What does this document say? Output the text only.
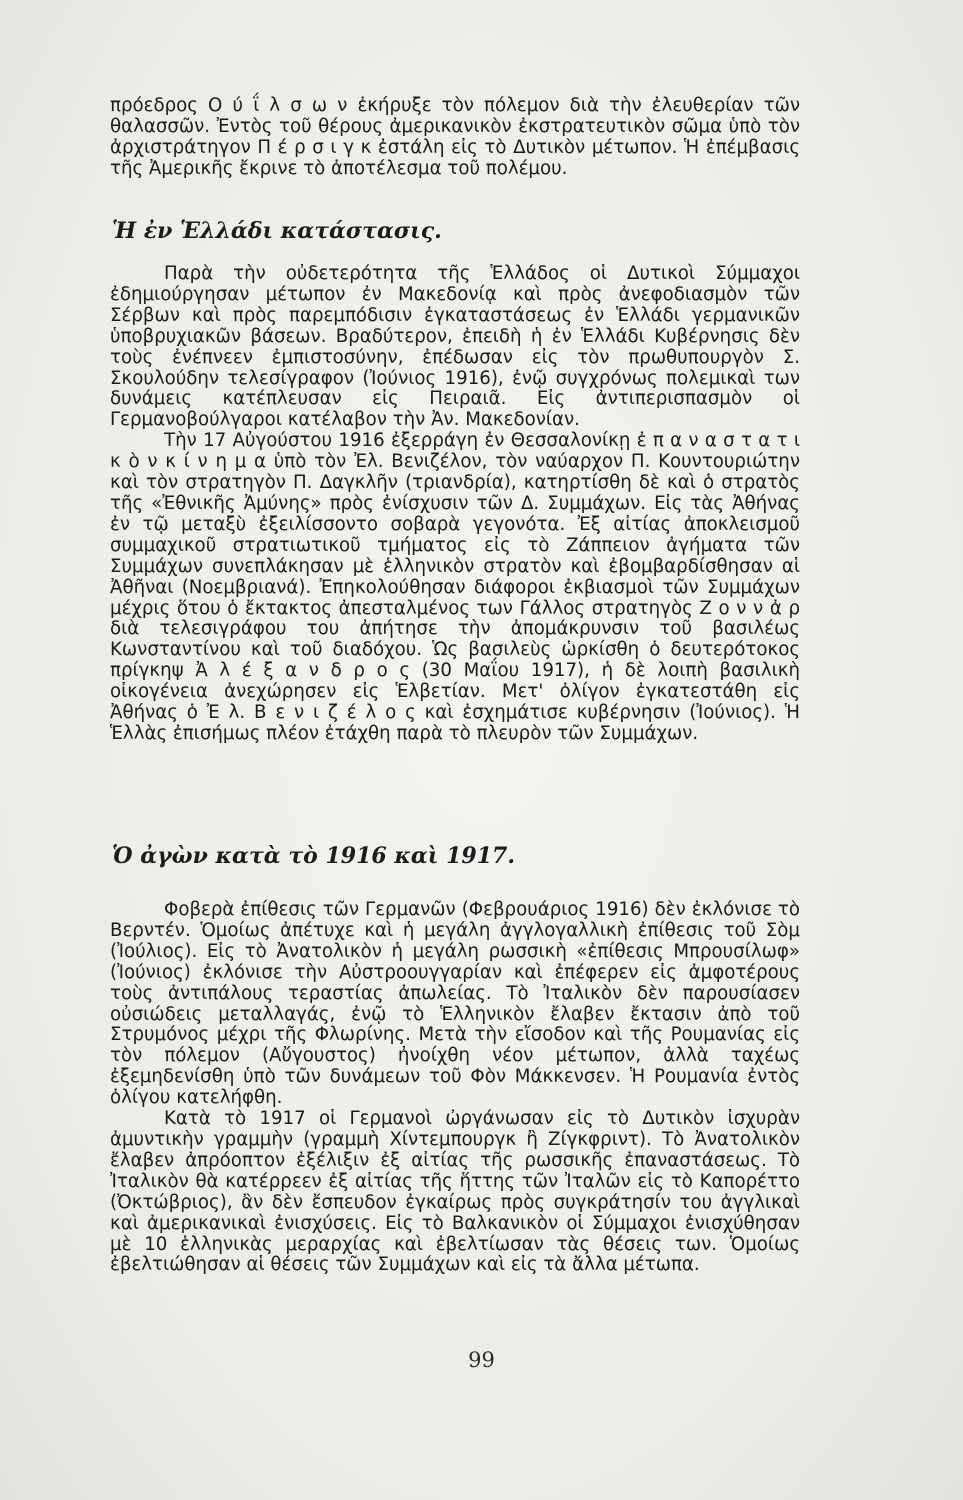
πρόεδρος Ο ύ ΐ λ σ ω ν ἐκήρυξε τὸν πόλεμον διὰ τὴν ἐλευθερίαν τῶν θαλασσῶν. Ἐντὸς τοῦ θέρους ἀμερικανικὸν ἐκστρατευτικὸν σῶμα ὑπὸ τὸν ἀρχιστράτηγον Π έ ρ σ ι γ κ ἐστάλη εἰς τὸ Δυτικὸν μέτωπον. Ἡ ἐπέμβασις τῆς Ἀμερικῆς ἔκρινε τὸ ἀποτέλεσμα τοῦ πολέμου.

Ἡ ἐν Ἑλλάδι κατάστασις.

Παρὰ τὴν οὐδετερότητα τῆς Ἑλλάδος οἱ Δυτικοὶ Σύμμαχοι ἐδημιούργησαν μέτωπον ἐν Μακεδονίᾳ καὶ πρὸς ἀνεφοδιασμὸν τῶν Σέρβων καὶ πρὸς παρεμπόδισιν ἐγκαταστάσεως ἐν Ἑλλάδι γερμανικῶν ὑποβρυχιακῶν βάσεων. Βραδύτερον, ἐπειδὴ ἡ ἐν Ἑλλάδι Κυβέρνησις δὲν τοὺς ἐνέπνεεν ἐμπιστοσύνην, ἐπέδωσαν εἰς τὸν πρωθυπουργὸν Σ. Σκουλούδην τελεσίγραφον (Ἰούνιος 1916), ἐνῷ συγχρόνως πολεμικαὶ των δυνάμεις κατέπλευσαν εἰς Πειραιᾶ. Εἰς ἀντιπερισπασμὸν οἱ Γερμανοβούλγαροι κατέλαβον τὴν Ἀν. Μακεδονίαν.

Τὴν 17 Αὐγούστου 1916 ἐξερράγη ἐν Θεσσαλονίκῃ ἐ π α ν α σ τ α τ ι κ ὸ ν κ ί ν η μ α ὑπὸ τὸν Ἐλ. Βενιζέλον, τὸν ναύαρχον Π. Κουντουριώτην καὶ τὸν στρατηγὸν Π. Δαγκλῆν (τριανδρία), κατηρτίσθη δὲ καὶ ὁ στρατὸς τῆς «Ἐθνικῆς Ἀμύνης» πρὸς ἐνίσχυσιν τῶν Δ. Συμμάχων. Εἰς τὰς Ἀθήνας ἐν τῷ μεταξὺ ἐξειλίσσοντο σοβαρὰ γεγονότα. Ἐξ αἰτίας ἀποκλεισμοῦ συμμαχικοῦ στρατιωτικοῦ τμήματος εἰς τὸ Ζάππειον ἀγήματα τῶν Συμμάχων συνεπλάκησαν μὲ ἑλληνικὸν στρατὸν καὶ ἐβομβαρδίσθησαν αἱ Ἀθῆναι (Νοεμβριανά). Ἐπηκολούθησαν διάφοροι ἐκβιασμοὶ τῶν Συμμάχων μέχρις ὅτου ὁ ἔκτακτος ἀπεσταλμένος των Γάλλος στρατηγὸς Ζ ο ν ν ἀ ρ διὰ τελεσιγράφου του ἀπήτησε τὴν ἀπομάκρυνσιν τοῦ βασιλέως Κωνσταντίνου καὶ τοῦ διαδόχου. Ὡς βασιλεὺς ὡρκίσθη ὁ δευτερότοκος πρίγκηψ Ἀ λ έ ξ α ν δ ρ ο ς (30 Μαΐου 1917), ἡ δὲ λοιπὴ βασιλικὴ οἰκογένεια ἀνεχώρησεν εἰς Ἑλβετίαν. Μετ' ὀλίγον ἐγκατεστάθη εἰς Ἀθήνας ὁ Ἐ λ. Β ε ν ι ζ έ λ ο ς καὶ ἐσχημάτισε κυβέρνησιν (Ἰούνιος). Ἡ Ἑλλὰς ἐπισήμως πλέον ἐτάχθη παρὰ τὸ πλευρὸν τῶν Συμμάχων.

Ὁ ἀγὼν κατὰ τὸ 1916 καὶ 1917.

Φοβερὰ ἐπίθεσις τῶν Γερμανῶν (Φεβρουάριος 1916) δὲν ἐκλόνισε τὸ Βερντέν. Ὁμοίως ἀπέτυχε καὶ ἡ μεγάλη ἀγγλογαλλικὴ ἐπίθεσις τοῦ Σὸμ (Ἰούλιος). Εἰς τὸ Ἀνατολικὸν ἡ μεγάλη ρωσσικὴ «ἐπίθεσις Μπρουσίλωφ» (Ἰούνιος) ἐκλόνισε τὴν Αὐστροουγγαρίαν καὶ ἐπέφερεν εἰς ἀμφοτέρους τοὺς ἀντιπάλους τεραστίας ἀπωλείας. Τὸ Ἰταλικὸν δὲν παρουσίασεν οὐσιώδεις μεταλλαγάς, ἐνῷ τὸ Ἑλληνικὸν ἔλαβεν ἔκτασιν ἀπὸ τοῦ Στρυμόνος μέχρι τῆς Φλωρίνης. Μετὰ τὴν εἴσοδον καὶ τῆς Ρουμανίας εἰς τὸν πόλεμον (Αὔγουστος) ἠνοίχθη νέον μέτωπον, ἀλλὰ ταχέως ἐξεμηδενίσθη ὑπὸ τῶν δυνάμεων τοῦ Φὸν Μάκκενσεν. Ἡ Ρουμανία ἐντὸς ὀλίγου κατελήφθη.

Κατὰ τὸ 1917 οἱ Γερμανοὶ ὠργάνωσαν εἰς τὸ Δυτικὸν ἰσχυρὰν ἀμυντικὴν γραμμὴν (γραμμὴ Χίντεμπουργκ ἢ Ζίγκφριντ). Τὸ Ἀνατολικὸν ἔλαβεν ἀπρόοπτον ἐξέλιξιν ἐξ αἰτίας τῆς ρωσσικῆς ἐπαναστάσεως. Τὸ Ἰταλικὸν θὰ κατέρρεεν ἐξ αἰτίας τῆς ἥττης τῶν Ἰταλῶν εἰς τὸ Καπορέττο (Ὀκτώβριος), ἂν δὲν ἔσπευδον ἐγκαίρως πρὸς συγκράτησίν του ἀγγλικαὶ καὶ ἀμερικανικαὶ ἐνισχύσεις. Εἰς τὸ Βαλκανικὸν οἱ Σύμμαχοι ἐνισχύθησαν μὲ 10 ἑλληνικὰς μεραρχίας καὶ ἐβελτίωσαν τὰς θέσεις των. Ὁμοίως ἐβελτιώθησαν αἱ θέσεις τῶν Συμμάχων καὶ εἰς τὰ ἄλλα μέτωπα.

99
